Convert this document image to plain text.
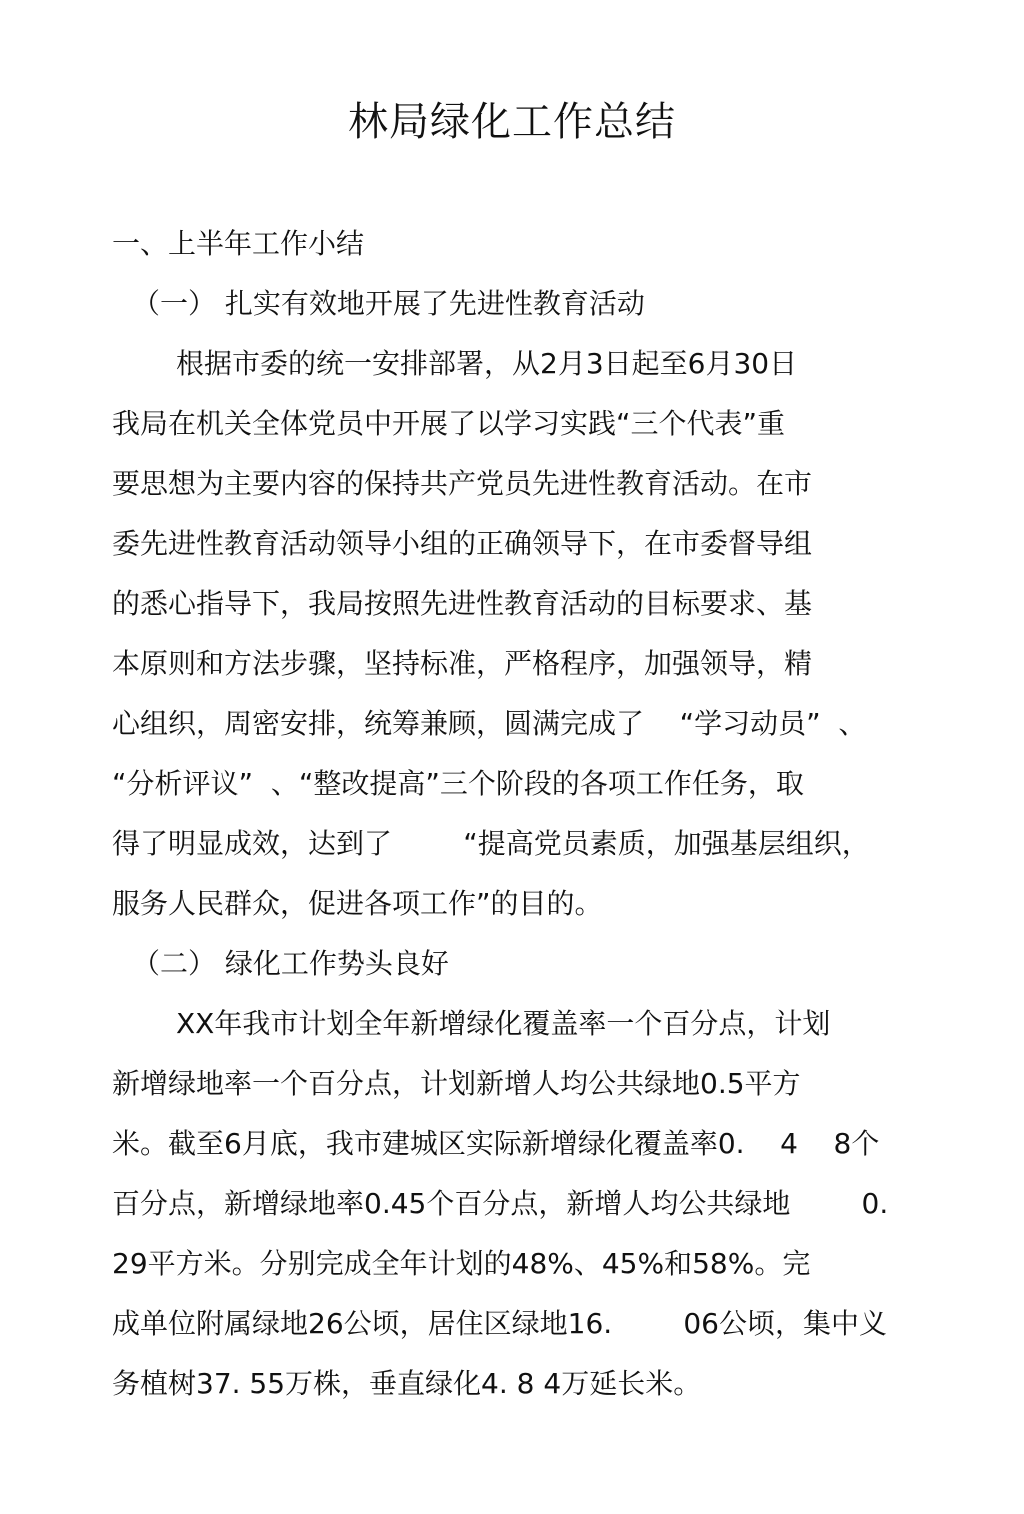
林局绿化工作总结

一、上半年工作小结

（一） 扎实有效地开展了先进性教育活动

根据市委的统一安排部署，从2月3日起至6月30日

我局在机关全体党员中开展了以学习实践“三个代表”重

要思想为主要内容的保持共产党员先进性教育活动。在市

委先进性教育活动领导小组的正确领导下，在市委督导组

的悉心指导下，我局按照先进性教育活动的目标要求、基

本原则和方法步骤，坚持标准，严格程序，加强领导，精

心组织，周密安排，统筹兼顾，圆满完成了    “学习动员”  、

“分析评议”  、“整改提高”三个阶段的各项工作任务，取

得了明显成效，达到了        “提高党员素质，加强基层组织，

服务人民群众，促进各项工作”的目的。

（二） 绿化工作势头良好

XX年我市计划全年新增绿化覆盖率一个百分点，计划

新增绿地率一个百分点，计划新增人均公共绿地0.5平方

米。截至6月底，我市建城区实际新增绿化覆盖率0.    4    8个

百分点，新增绿地率0.45个百分点，新增人均公共绿地        0.

29平方米。分别完成全年计划的48%、45%和58%。完

成单位附属绿地26公顷，居住区绿地16.        06公顷，集中义

务植树37. 55万株，垂直绿化4. 8 4万延长米。
